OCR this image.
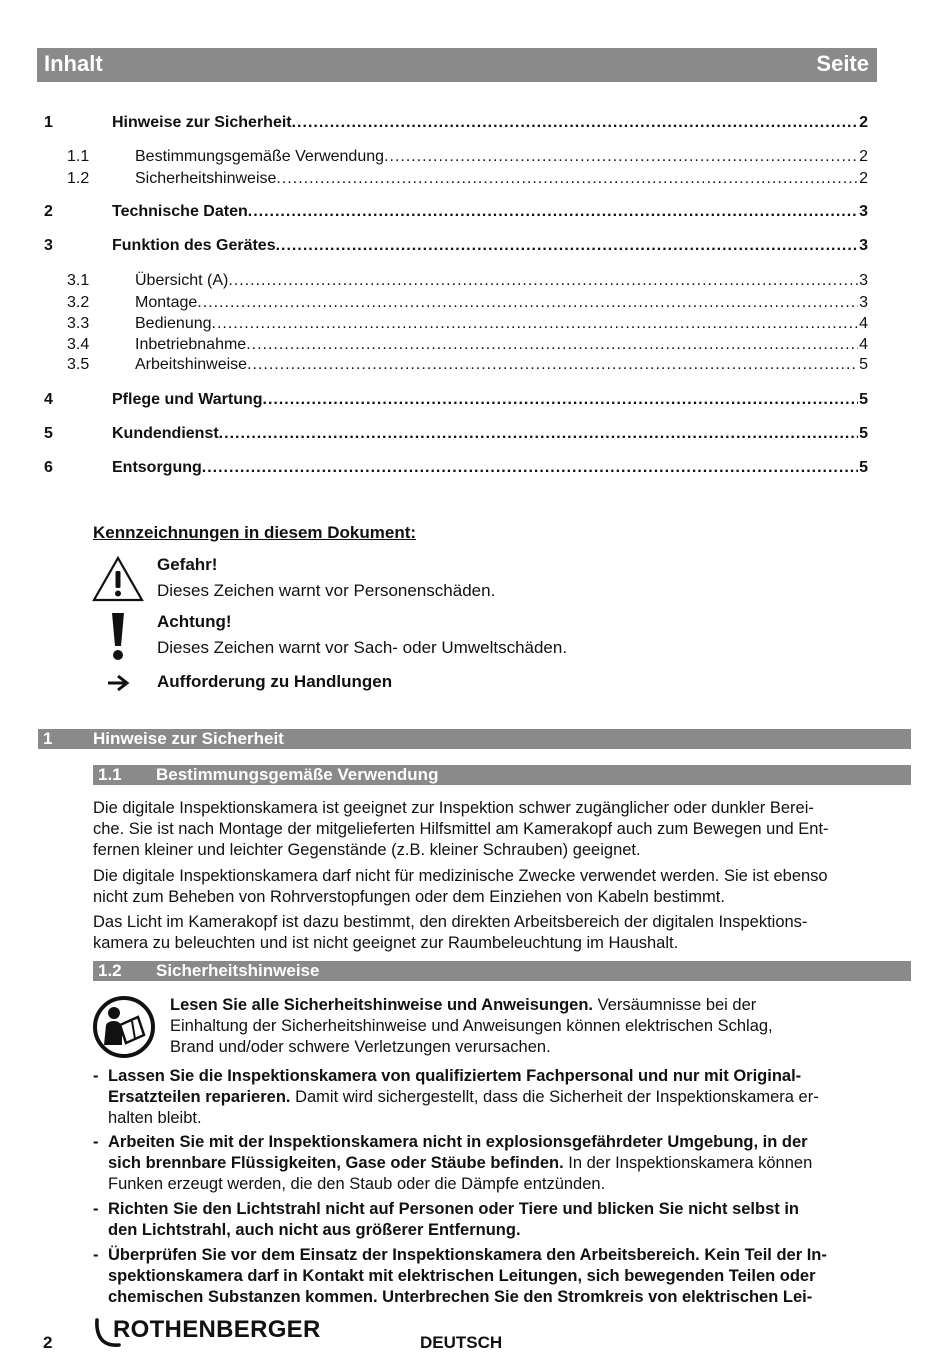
Inhalt	Seite
1	Hinweise zur Sicherheit .....	2
1.1	Bestimmungsgemäße Verwendung .....	2
1.2	Sicherheitshinweise .....	2
2	Technische Daten .....	3
3	Funktion des Gerätes .....	3
3.1	Übersicht (A) .....	3
3.2	Montage .....	3
3.3	Bedienung .....	4
3.4	Inbetriebnahme .....	4
3.5	Arbeitshinweise .....	5
4	Pflege und Wartung .....	5
5	Kundendienst .....	5
6	Entsorgung .....	5
Kennzeichnungen in diesem Dokument:
Gefahr!
Dieses Zeichen warnt vor Personenschäden.
Achtung!
Dieses Zeichen warnt vor Sach- oder Umweltschäden.
Aufforderung zu Handlungen
1 Hinweise zur Sicherheit
1.1 Bestimmungsgemäße Verwendung
Die digitale Inspektionskamera ist geeignet zur Inspektion schwer zugänglicher oder dunkler Berei-
che. Sie ist nach Montage der mitgelieferten Hilfsmittel am Kamerakopf auch zum Bewegen und Ent-
fernen kleiner und leichter Gegenstände (z.B. kleiner Schrauben) geeignet.
Die digitale Inspektionskamera darf nicht für medizinische Zwecke verwendet werden. Sie ist ebenso
nicht zum Beheben von Rohrverstopfungen oder dem Einziehen von Kabeln bestimmt.
Das Licht im Kamerakopf ist dazu bestimmt, den direkten Arbeitsbereich der digitalen Inspektions-
kamera zu beleuchten und ist nicht geeignet zur Raumbeleuchtung im Haushalt.
1.2 Sicherheitshinweise
Lesen Sie alle Sicherheitshinweise und Anweisungen. Versäumnisse bei der
Einhaltung der Sicherheitshinweise und Anweisungen können elektrischen Schlag,
Brand und/oder schwere Verletzungen verursachen.
- Lassen Sie die Inspektionskamera von qualifiziertem Fachpersonal und nur mit Original-
Ersatzteilen reparieren. Damit wird sichergestellt, dass die Sicherheit der Inspektionskamera er-
halten bleibt.
- Arbeiten Sie mit der Inspektionskamera nicht in explosionsgefährdeter Umgebung, in der
sich brennbare Flüssigkeiten, Gase oder Stäube befinden. In der Inspektionskamera können
Funken erzeugt werden, die den Staub oder die Dämpfe entzünden.
- Richten Sie den Lichtstrahl nicht auf Personen oder Tiere und blicken Sie nicht selbst in
den Lichtstrahl, auch nicht aus größerer Entfernung.
- Überprüfen Sie vor dem Einsatz der Inspektionskamera den Arbeitsbereich. Kein Teil der In-
spektionskamera darf in Kontakt mit elektrischen Leitungen, sich bewegenden Teilen oder
chemischen Substanzen kommen. Unterbrechen Sie den Stromkreis von elektrischen Lei-
2	ROTHENBERGER	DEUTSCH
